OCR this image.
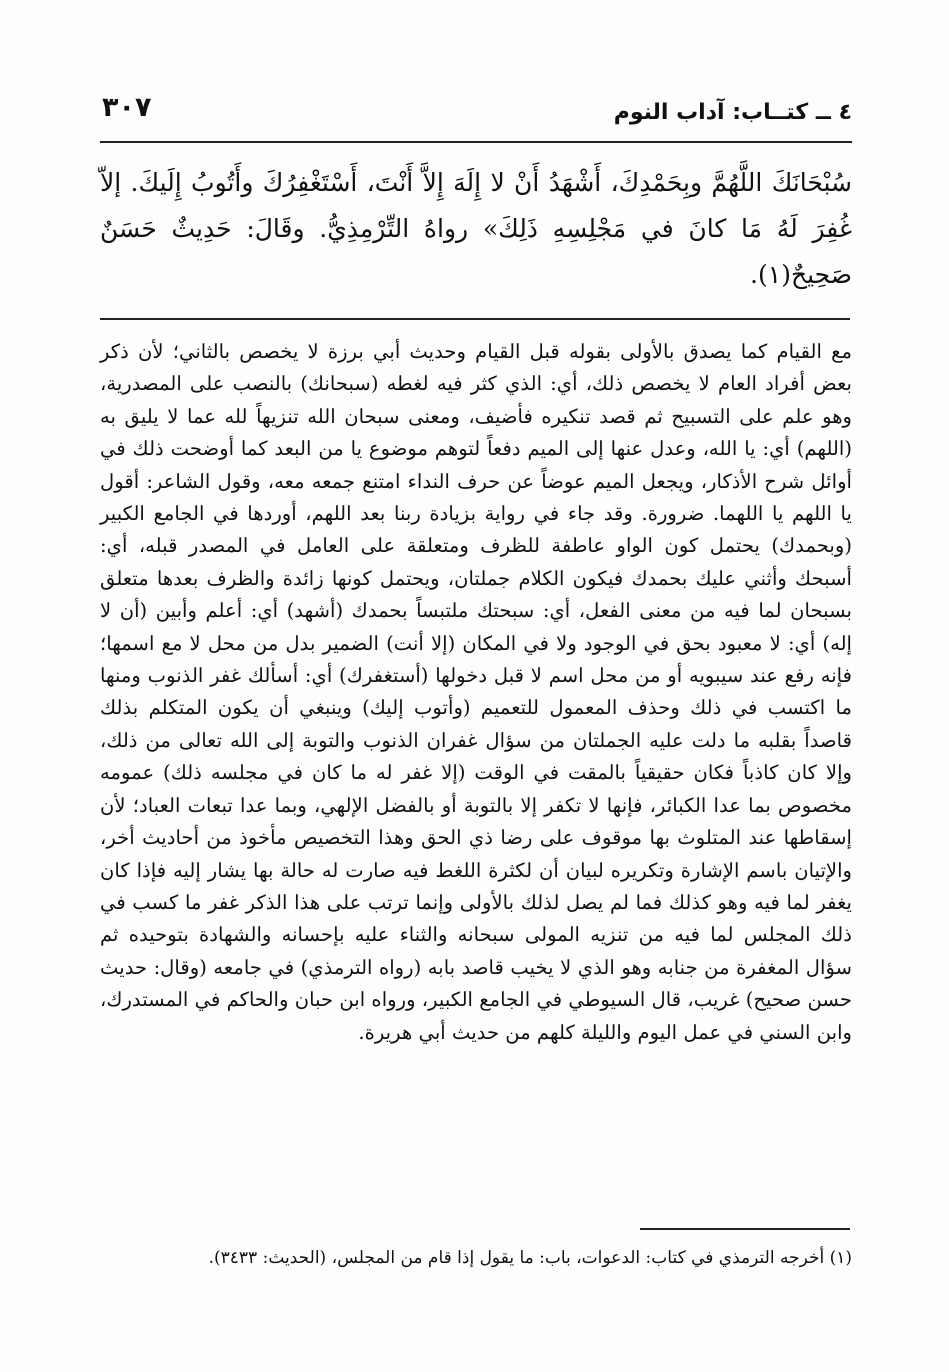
٤ ــ كتــاب: آداب النوم
٣٠٧
سُبْحَانَكَ اللَّهُمَّ وبِحَمْدِكَ، أَشْهَدُ أَنْ لا إِلَهَ إِلاَّ أَنْتَ، أَسْتَغْفِرُكَ وأَتُوبُ إِلَيكَ. إلاّ غُفِرَ لَهُ مَا كانَ في مَجْلِسِهِ ذَلِكَ» رواهُ التِّرْمِذِيُّ. وقَالَ: حَدِيثٌ حَسَنٌ صَحِيحٌ(١).
مع القيام كما يصدق بالأولى بقوله قبل القيام وحديث أبي برزة لا يخصص بالثاني؛ لأن ذكر بعض أفراد العام لا يخصص ذلك، أي: الذي كثر فيه لغطه (سبحانك) بالنصب على المصدرية، وهو علم على التسبيح ثم قصد تنكيره فأضيف، ومعنى سبحان الله تنزيهاً لله عما لا يليق به (اللهم) أي: يا الله، وعدل عنها إلى الميم دفعاً لتوهم موضوع يا من البعد كما أوضحت ذلك في أوائل شرح الأذكار، ويجعل الميم عوضاً عن حرف النداء امتنع جمعه معه، وقول الشاعر: أقول يا اللهم يا اللهما. ضرورة. وقد جاء في رواية بزيادة ربنا بعد اللهم، أوردها في الجامع الكبير (وبحمدك) يحتمل كون الواو عاطفة للظرف ومتعلقة على العامل في المصدر قبله، أي: أسبحك وأثني عليك بحمدك فيكون الكلام جملتان، ويحتمل كونها زائدة والظرف بعدها متعلق بسبحان لما فيه من معنى الفعل، أي: سبحتك ملتبساً بحمدك (أشهد) أي: أعلم وأبين (أن لا إله) أي: لا معبود بحق في الوجود ولا في المكان (إلا أنت) الضمير بدل من محل لا مع اسمها؛ فإنه رفع عند سيبويه أو من محل اسم لا قبل دخولها (أستغفرك) أي: أسألك غفر الذنوب ومنها ما اكتسب في ذلك وحذف المعمول للتعميم (وأتوب إليك) وينبغي أن يكون المتكلم بذلك قاصداً بقلبه ما دلت عليه الجملتان من سؤال غفران الذنوب والتوبة إلى الله تعالى من ذلك، وإلا كان كاذباً فكان حقيقياً بالمقت في الوقت (إلا غفر له ما كان في مجلسه ذلك) عمومه مخصوص بما عدا الكبائر، فإنها لا تكفر إلا بالتوبة أو بالفضل الإلهي، وبما عدا تبعات العباد؛ لأن إسقاطها عند المتلوث بها موقوف على رضا ذي الحق وهذا التخصيص مأخوذ من أحاديث أخر، والإتيان باسم الإشارة وتكريره لبيان أن لكثرة اللغط فيه صارت له حالة بها يشار إليه فإذا كان يغفر لما فيه وهو كذلك فما لم يصل لذلك بالأولى وإنما ترتب على هذا الذكر غفر ما كسب في ذلك المجلس لما فيه من تنزيه المولى سبحانه والثناء عليه بإحسانه والشهادة بتوحيده ثم سؤال المغفرة من جنابه وهو الذي لا يخيب قاصد بابه (رواه الترمذي) في جامعه (وقال: حديث حسن صحيح) غريب، قال السيوطي في الجامع الكبير، ورواه ابن حبان والحاكم في المستدرك، وابن السني في عمل اليوم والليلة كلهم من حديث أبي هريرة.
(١) أخرجه الترمذي في كتاب: الدعوات، باب: ما يقول إذا قام من المجلس، (الحديث: ٣٤٣٣).
